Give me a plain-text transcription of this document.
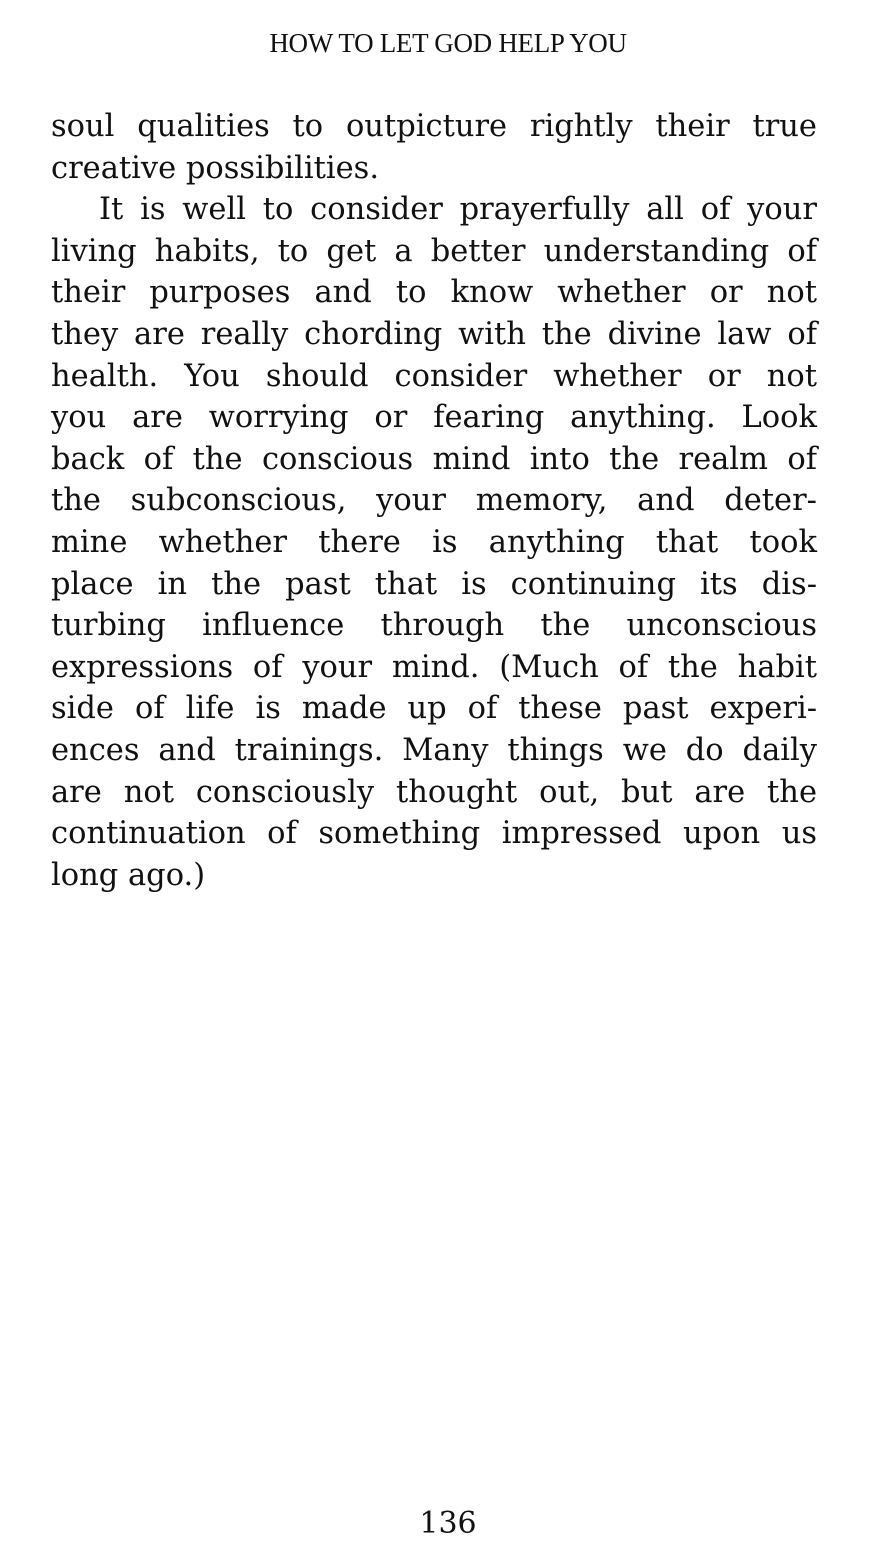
HOW TO LET GOD HELP YOU
soul qualities to outpicture rightly their true
creative possibilities.
It is well to consider prayerfully all of your
living habits, to get a better understanding of
their purposes and to know whether or not
they are really chording with the divine law of
health. You should consider whether or not
you are worrying or fearing anything. Look
back of the conscious mind into the realm of
the subconscious, your memory, and deter-
mine whether there is anything that took
place in the past that is continuing its dis-
turbing influence through the unconscious
expressions of your mind. (Much of the habit
side of life is made up of these past experi-
ences and trainings. Many things we do daily
are not consciously thought out, but are the
continuation of something impressed upon us
long ago.)
136
